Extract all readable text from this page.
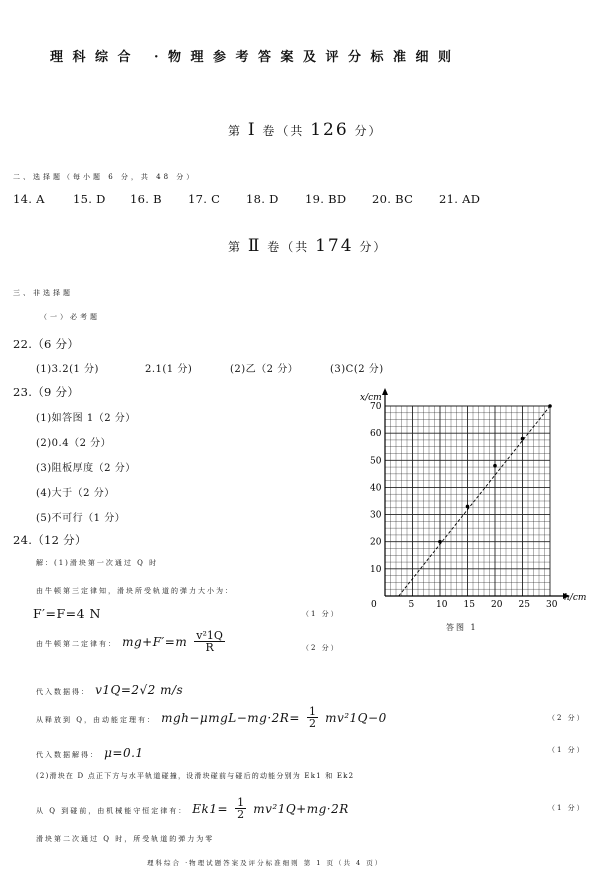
理科综合 ·物理参考答案及评分标准细则
第 Ⅰ 卷（共 126 分）
二、选择题（每小题 6 分，共 48 分）
14. A 15. D 16. B 17. C 18. D 19. BD 20. BC 21. AD
第 Ⅱ 卷（共 174 分）
三、非选择题
（一）必考题
22.（6 分）
(1)3.2(1 分)	2.1(1 分)	(2)乙（2 分）	(3)C(2 分)
23.（9 分）
(1)如答图 1（2 分）
(2)0.4（2 分）
(3)阻板厚度（2 分）
(4)大于（2 分）
(5)不可行（1 分）
0	5 10 15 20 25 30
10
20
30
40
50
60
70
x/cm
h/cm
答图 1
24.（12 分）
解：(1)滑块第一次通过 Q 时
由牛顿第三定律知，滑块所受轨道的弹力大小为：
F′=F=4 N	（1 分）
由牛顿第二定律有： $mg+F'=m \frac{\text{v²1Q}}{R}$	（2 分）
代入数据得： v1Q=2√2 m/s
从释放到 Q，由动能定理有： $mgh-\mu mgL-mg\cdot 2R= \frac{1}{2} mv^21Q-0$	（2 分）
代入数据解得： μ=0.1	（1 分）
(2)滑块在 D 点正下方与水平轨道碰撞，设滑块碰前与碰后的动能分别为 Ek1 和 Ek2
从 Q 到碰前，由机械能守恒定律有： $Ek1= \frac{1}{2} mv^21Q+mg\cdot 2R$	（1 分）
滑块第二次通过 Q 时，所受轨道的弹力为零
理科综合 ·物理试题答案及评分标准细则 第 1 页（共 4 页）
